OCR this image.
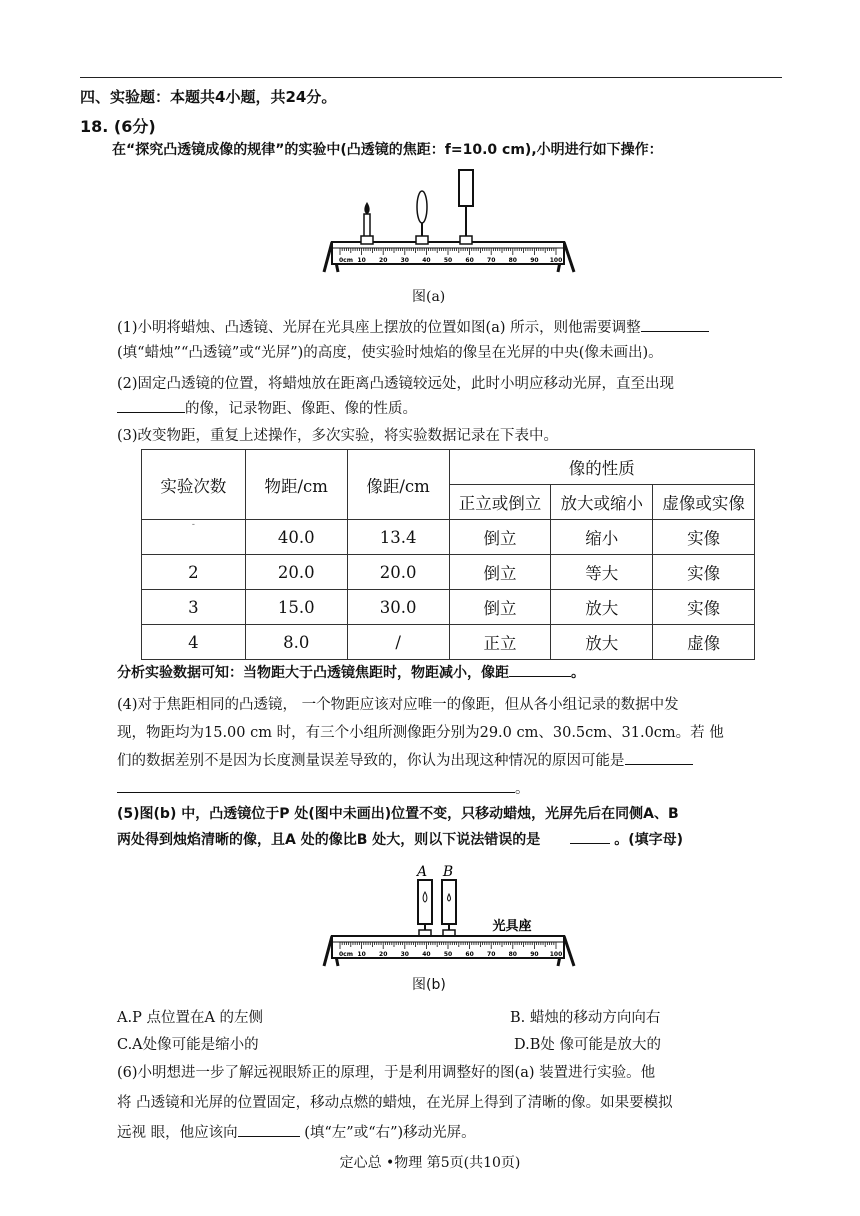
四、实验题：本题共4小题，共24分。
18. (6分)
在“探究凸透镜成像的规律”的实验中(凸透镜的焦距：f=10.0 cm),小明进行如下操作：
0cm 10 20 30 40 50 60 70 80 90 100
图(a)
(1)小明将蜡烛、凸透镜、光屏在光具座上摆放的位置如图(a) 所示，则他需要调整
(填“蜡烛”“凸透镜”或“光屏”)的高度，使实验时烛焰的像呈在光屏的中央(像未画出)。
(2)固定凸透镜的位置，将蜡烛放在距离凸透镜较远处，此时小明应移动光屏，直至出现
的像，记录物距、像距、像的性质。
(3)改变物距，重复上述操作，多次实验，将实验数据记录在下表中。
实验次数	物距/cm	像距/cm	像的性质		
			正立或倒立	放大或缩小	虚像或实像
-	40.0	13.4	倒立	缩小	实像
2	20.0	20.0	倒立	等大	实像
3	15.0	30.0	倒立	放大	实像
4	8.0	/	正立	放大	虚像
分析实验数据可知：当物距大于凸透镜焦距时，物距减小，像距	。
(4)对于焦距相同的凸透镜， 一个物距应该对应唯一的像距，但从各小组记录的数据中发
现，物距均为15.00 cm 时，有三个小组所测像距分别为29.0 cm、30.5cm、31.0cm。若 他
们的数据差别不是因为长度测量误差导致的，你认为出现这种情况的原因可能是
。
(5)图(b) 中，凸透镜位于P 处(图中未画出)位置不变，只移动蜡烛，光屏先后在同侧A、B
两处得到烛焰清晰的像，且A 处的像比B 处大，则以下说法错误的是	。(填字母)
A B
光具座
0cm 10 20 30 40 50 60 70 80 90 100
图(b)
A.P 点位置在A 的左侧	B. 蜡烛的移动方向向右
C.A处像可能是缩小的	D.B处 像可能是放大的
(6)小明想进一步了解远视眼矫正的原理，于是利用调整好的图(a) 装置进行实验。他
将 凸透镜和光屏的位置固定，移动点燃的蜡烛，在光屏上得到了清晰的像。如果要模拟
远视 眼，他应该向	(填“左”或“右”)移动光屏。
定心总 •物理 第5页(共10页)
